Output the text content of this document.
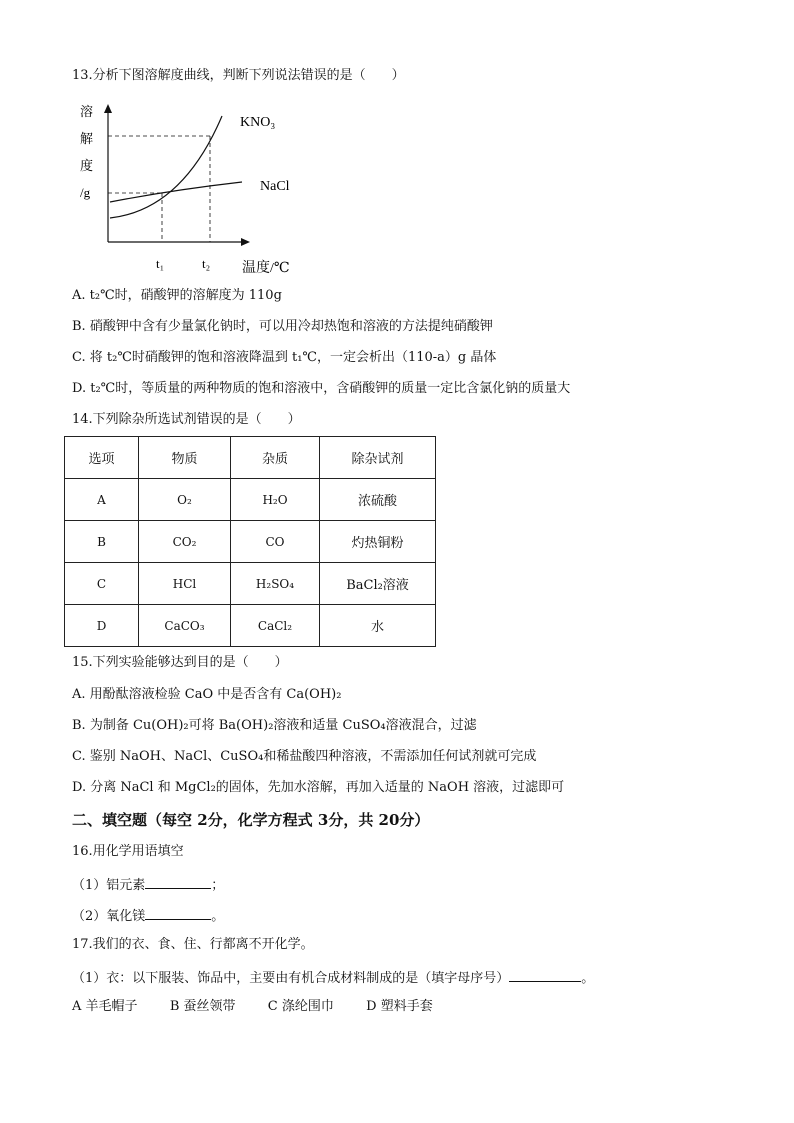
13.分析下图溶解度曲线，判断下列说法错误的是（　　）
溶
解
度
/g
KNO₃
NaCl
t₁	t₂ 温度/℃
A. t₂℃时，硝酸钾的溶解度为 110g
B. 硝酸钾中含有少量氯化钠时，可以用冷却热饱和溶液的方法提纯硝酸钾
C. 将 t₂℃时硝酸钾的饱和溶液降温到 t₁℃，一定会析出（110-a）g 晶体
D. t₂℃时，等质量的两种物质的饱和溶液中，含硝酸钾的质量一定比含氯化钠的质量大
14.下列除杂所选试剂错误的是（　　）
选项	物质	杂质	除杂试剂
A	O₂	H₂O	浓硫酸
B	CO₂	CO	灼热铜粉
C	HCl	H₂SO₄	BaCl₂溶液
D	CaCO₃	CaCl₂	水
15.下列实验能够达到目的是（　　）
A. 用酚酞溶液检验 CaO 中是否含有 Ca(OH)₂
B. 为制备 Cu(OH)₂可将 Ba(OH)₂溶液和适量 CuSO₄溶液混合，过滤
C. 鉴别 NaOH、NaCl、CuSO₄和稀盐酸四种溶液，不需添加任何试剂就可完成
D. 分离 NaCl 和 MgCl₂的固体，先加水溶解，再加入适量的 NaOH 溶液，过滤即可
二、填空题（每空 2分，化学方程式 3分，共 20分）
16.用化学用语填空
（1）铝元素	；
（2）氧化镁	。
17.我们的衣、食、住、行都离不开化学。
（1）衣：以下服装、饰品中，主要由有机合成材料制成的是（填字母序号）	。
A 羊毛帽子 B 蚕丝领带 C 涤纶围巾 D 塑料手套
